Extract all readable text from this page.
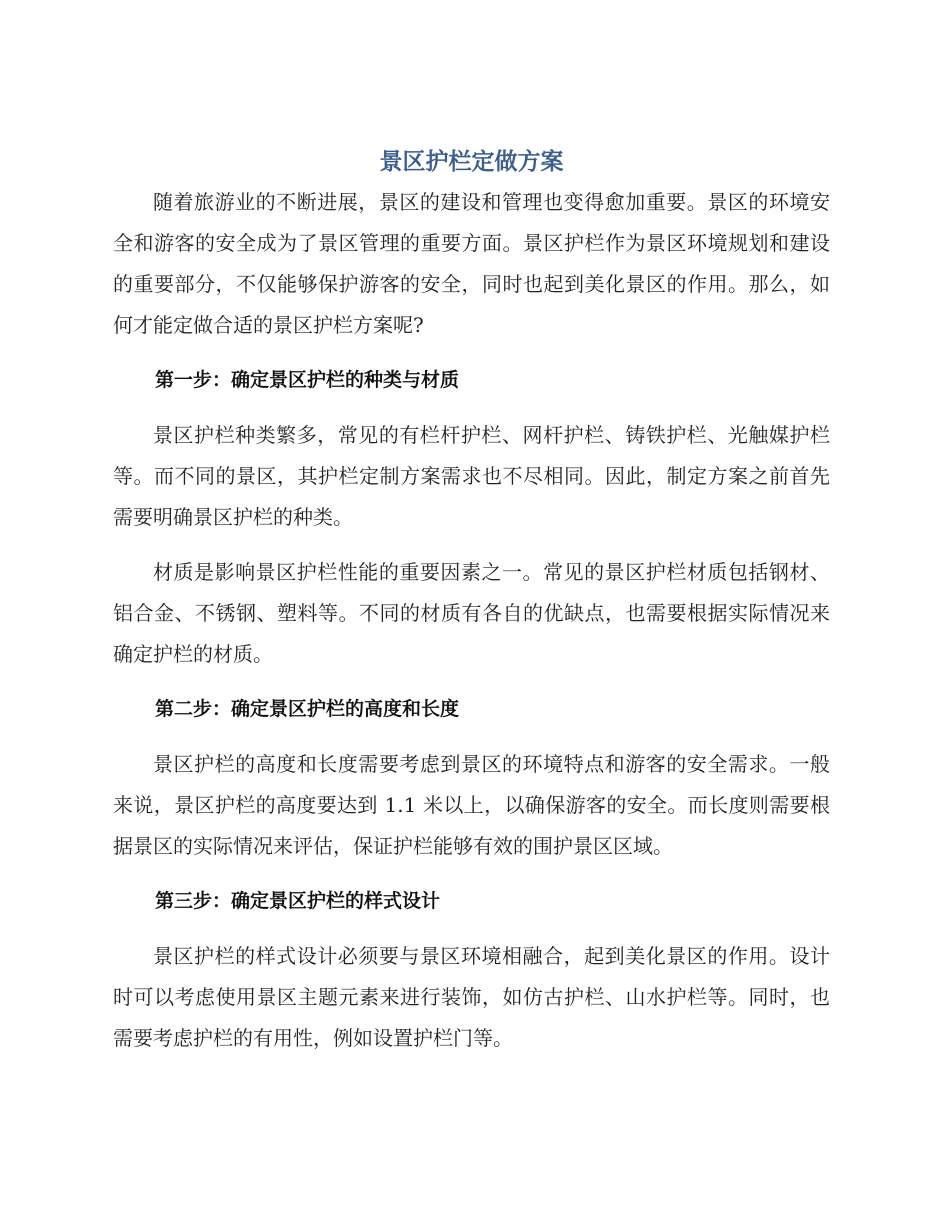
景区护栏定做方案

随着旅游业的不断进展，景区的建设和管理也变得愈加重要。景区的环境安全和游客的安全成为了景区管理的重要方面。景区护栏作为景区环境规划和建设的重要部分，不仅能够保护游客的安全，同时也起到美化景区的作用。那么，如何才能定做合适的景区护栏方案呢?

第一步：确定景区护栏的种类与材质

景区护栏种类繁多，常见的有栏杆护栏、网杆护栏、铸铁护栏、光触媒护栏等。而不同的景区，其护栏定制方案需求也不尽相同。因此，制定方案之前首先需要明确景区护栏的种类。

材质是影响景区护栏性能的重要因素之一。常见的景区护栏材质包括钢材、铝合金、不锈钢、塑料等。不同的材质有各自的优缺点，也需要根据实际情况来确定护栏的材质。

第二步：确定景区护栏的高度和长度

景区护栏的高度和长度需要考虑到景区的环境特点和游客的安全需求。一般来说，景区护栏的高度要达到 1.1 米以上，以确保游客的安全。而长度则需要根据景区的实际情况来评估，保证护栏能够有效的围护景区区域。

第三步：确定景区护栏的样式设计

景区护栏的样式设计必须要与景区环境相融合，起到美化景区的作用。设计时可以考虑使用景区主题元素来进行装饰，如仿古护栏、山水护栏等。同时，也需要考虑护栏的有用性，例如设置护栏门等。
